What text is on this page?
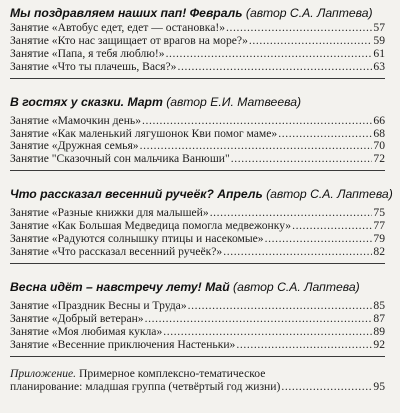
Мы поздравляем наших пап! Февраль (автор С.А. Лаптева)
Занятие «Автобус едет, едет — остановка!» .....	57
Занятие «Кто нас защищает от врагов на море?» .....	59
Занятие «Папа, я тебя люблю!» .....	61
Занятие «Что ты плачешь, Вася?» .....	63
В гостях у сказки. Март (автор Е.И. Матвеева)
Занятие «Мамочкин день» .....	66
Занятие «Как маленький лягушонок Кви помог маме» .....	68
Занятие «Дружная семья» .....	70
Занятие "Сказочный сон мальчика Ванюши" .....	72
Что рассказал весенний ручеёк? Апрель (автор С.А. Лаптева)
Занятие «Разные книжки для малышей» .....	75
Занятие «Как Большая Медведица помогла медвежонку» .....	77
Занятие «Радуются солнышку птицы и насекомые» .....	79
Занятие «Что рассказал весенний ручеёк?» .....	82
Весна идёт – навстречу лету! Май (автор С.А. Лаптева)
Занятие «Праздник Весны и Труда» .....	85
Занятие «Добрый ветеран» .....	87
Занятие «Моя любимая кукла» .....	89
Занятие «Весенние приключения Настеньки» .....	92
Приложение. Примерное комплексно-тематическое
планирование: младшая группа (четвёртый год жизни) .....	95
